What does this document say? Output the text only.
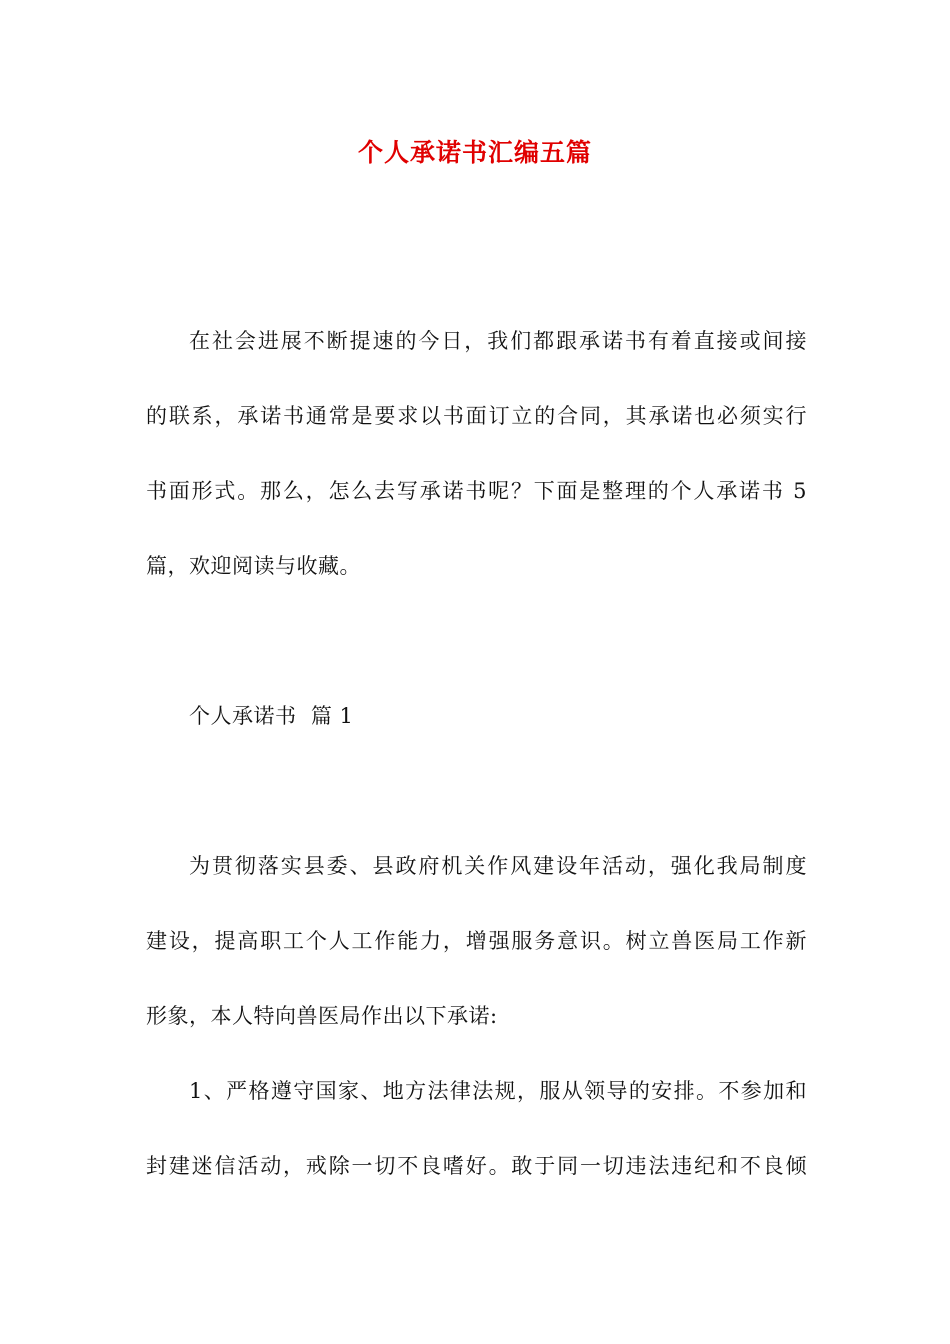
个人承诺书汇编五篇
在社会进展不断提速的今日，我们都跟承诺书有着直接或间接
的联系，承诺书通常是要求以书面订立的合同，其承诺也必须实行
书面形式。那么，怎么去写承诺书呢？下面是整理的个人承诺书 5
篇，欢迎阅读与收藏。
个人承诺书  篇 1
为贯彻落实县委、县政府机关作风建设年活动，强化我局制度
建设，提高职工个人工作能力，增强服务意识。树立兽医局工作新
形象，本人特向兽医局作出以下承诺:
1、严格遵守国家、地方法律法规，服从领导的安排。不参加和
封建迷信活动，戒除一切不良嗜好。敢于同一切违法违纪和不良倾
